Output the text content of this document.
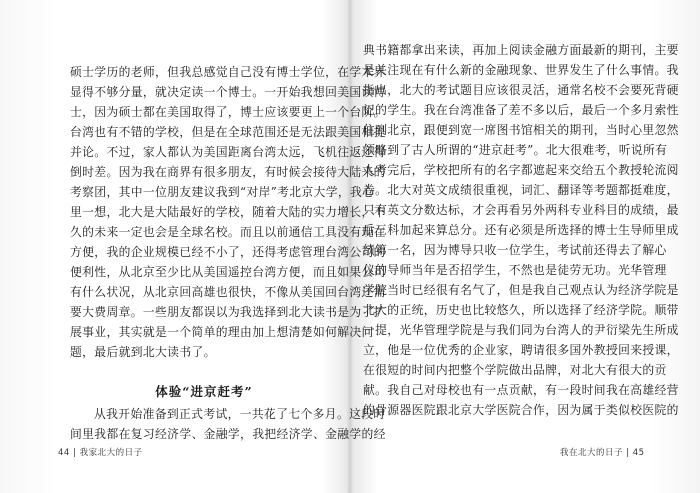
硕士学历的老师，但我总感觉自己没有博士学位，在学术界
显得不够分量，就决定读一个博士。一开始我想回美国读博
士，因为硕士都在美国取得了，博士应该要更上一个台阶。
台湾也有不错的学校，但是在全球范围还是无法跟美国相提
并论。不过，家人都认为美国距离台湾太远，飞机往返还得
倒时差。因为我在商界有很多朋友，有时候会接待大陆来的
考察团，其中一位朋友建议我到“对岸”考北京大学，我心
里一想，北大是大陆最好的学校，随着大陆的实力增长，不
久的未来一定也会是全球名校。而且以前通信工具没有现在
方便，我的企业规模已经不小了，还得考虑管理台湾公司的
便利性，从北京至少比从美国遥控台湾方便，而且如果公司
有什么状况，从北京回高雄也很快，不像从美国回台湾还需
要大费周章。一些朋友都误以为我选择到北大读书是为了扩
展事业，其实就是一个简单的理由加上想清楚如何解决问
题，最后就到北大读书了。
体验“进京赶考”
从我开始准备到正式考试，一共花了七个多月。这段时
间里我都在复习经济学、金融学，我把经济学、金融学的经
44 | 我家北大的日子
典书籍都拿出来读，再加上阅读金融方面最新的期刊，主要
是关注现在有什么新的金融现象、世界发生了什么事情。我
指出，北大的考试题目应该很灵活，通常名校不会要死背硬
记的学生。我在台湾准备了差不多以后，最后一个多月索性
住到北京，跟便到宽一席图书馆相关的期刊，当时心里忽然
领略到了古人所谓的“进京赶考”。北大很难考，听说所有
人考完后，学校把所有的名字都遮起来交给五个教授轮流阅
卷。北大对英文成绩很重视，词汇、翻译等考题都挺难度，
只有英文分数达标，才会再看另外两科专业科目的成绩，最
后三科加起来算总分。还有必须是所选择的博士生导师里成
绩第一名，因为博导只收一位学生，考试前还得去了解心
仪的导师当年是否招学生，不然也是徒劳无功。光华管理
学院当时已经很有名气了，但是我自己观点认为经济学院是
北大的正统，历史也比较悠久，所以选择了经济学院。顺带
一提，光华管理学院是与我们同为台湾人的尹衍梁先生所成
立，他是一位优秀的企业家，聘请很多国外教授回来授课，
在很短的时间内把整个学院做出品牌，对北大有很大的贡
献。我自己对母校也有一点贡献，有一段时间我在高雄经营
的骨源器医院跟北京大学医院合作，因为属于类似校医院的
我在北大的日子 | 45
